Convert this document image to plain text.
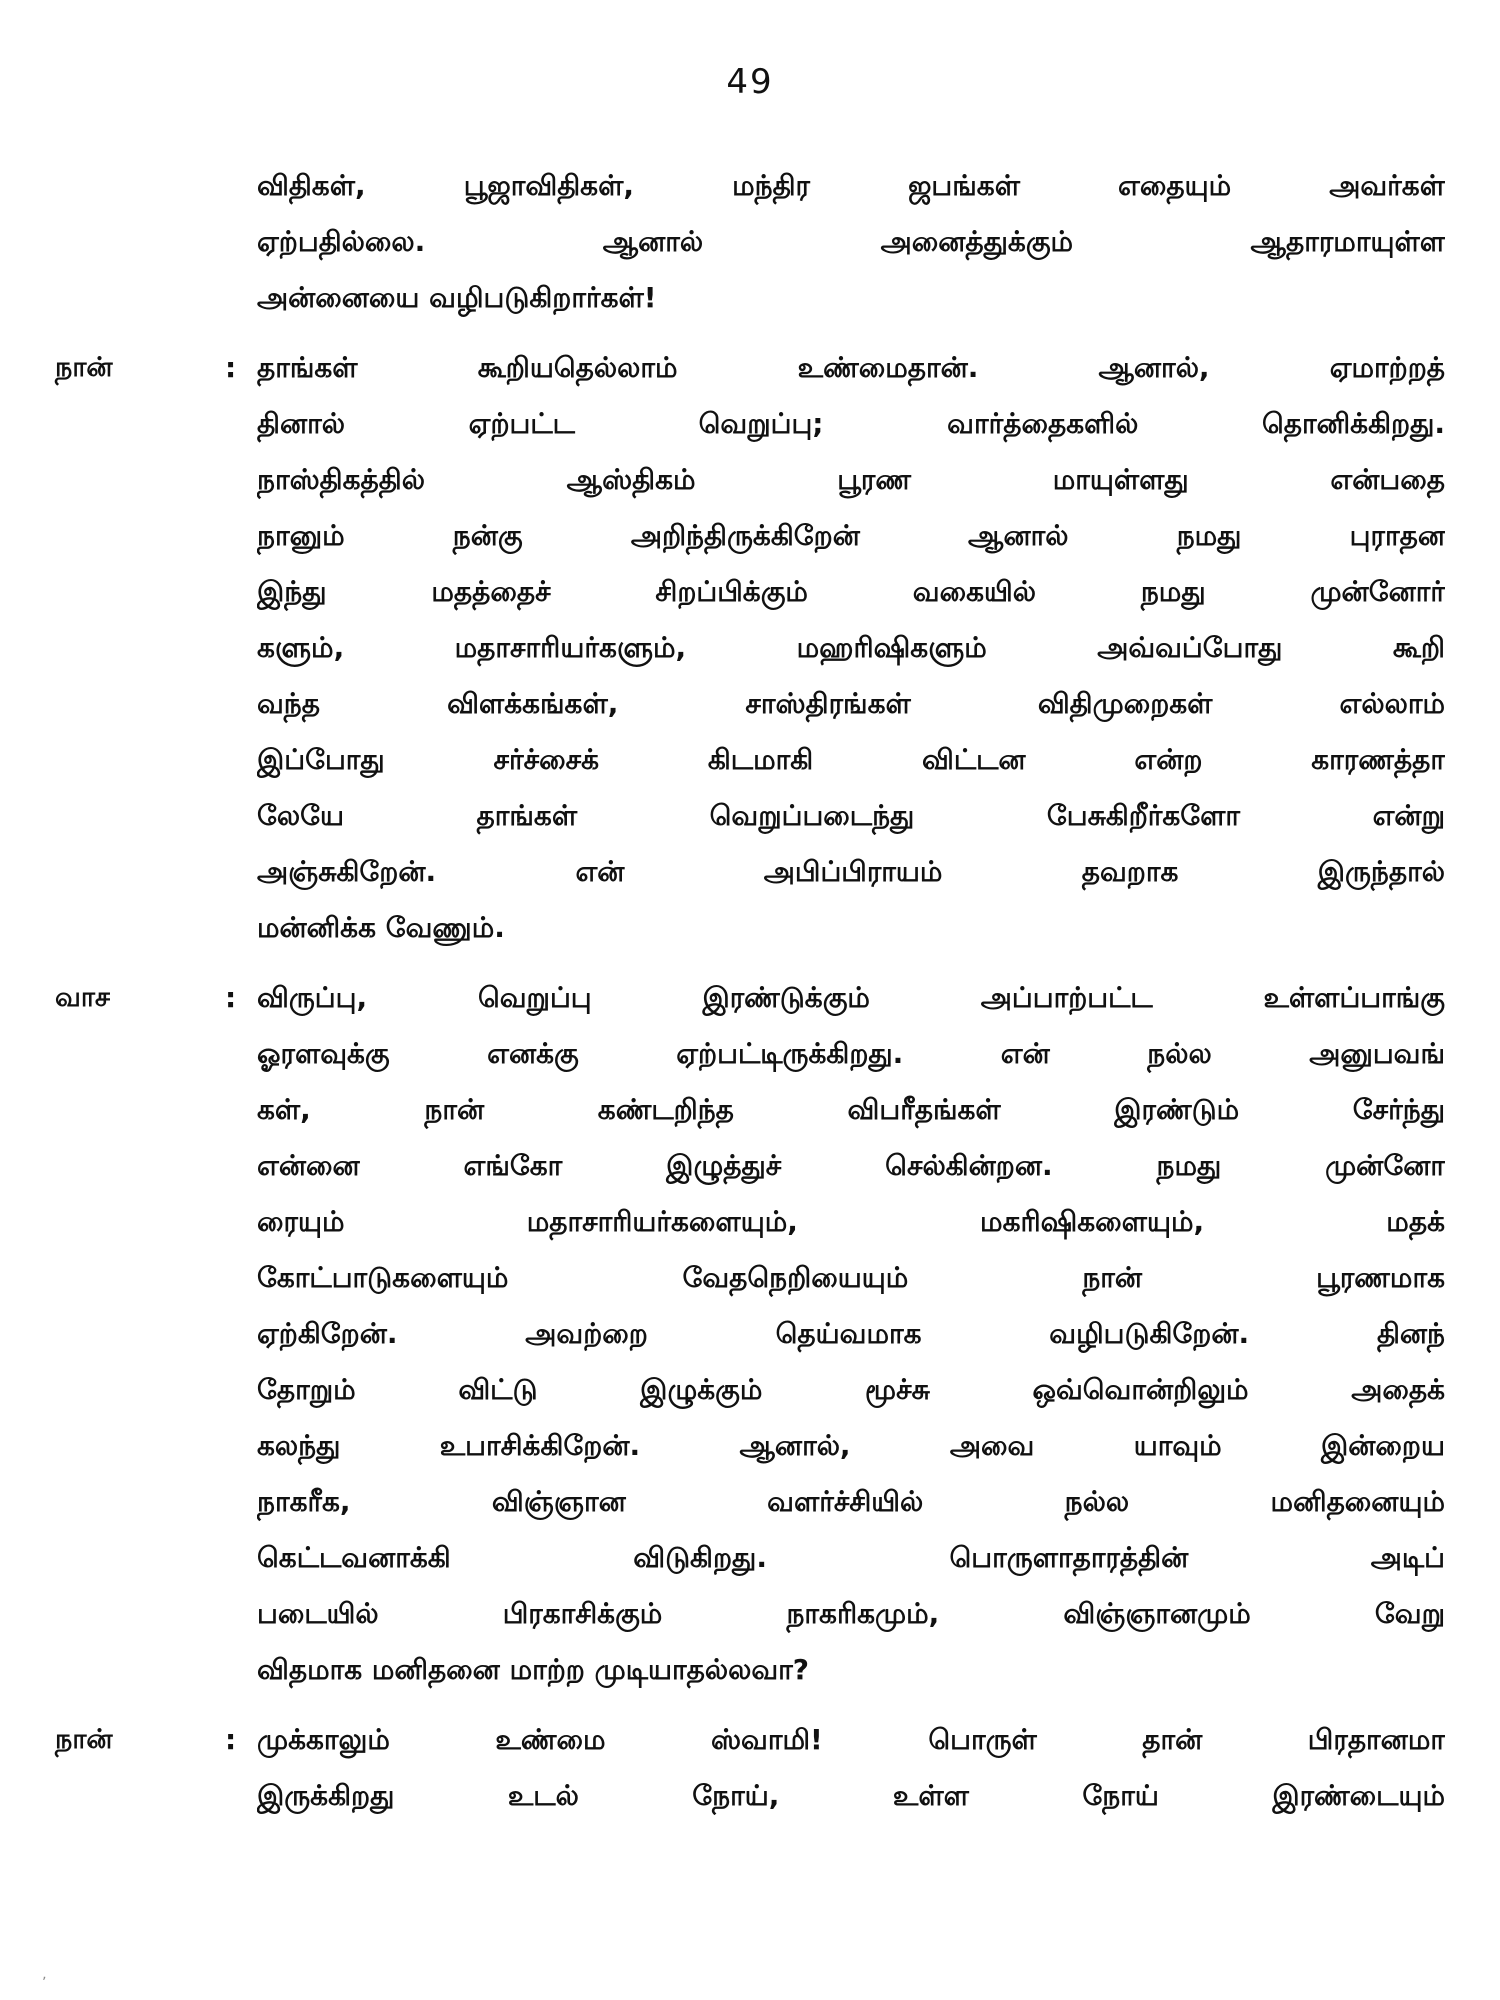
49
விதிகள், பூஜாவிதிகள், மந்திர ஜபங்கள் எதையும் அவர்கள்
ஏற்பதில்லை. ஆனால் அனைத்துக்கும் ஆதாரமாயுள்ள
அன்னையை வழிபடுகிறார்கள்!
நான்	: தாங்கள் கூறியதெல்லாம் உண்மைதான். ஆனால், ஏமாற்றத்
தினால் ஏற்பட்ட வெறுப்பு; வார்த்தைகளில் தொனிக்கிறது.
நாஸ்திகத்தில் ஆஸ்திகம் பூரண மாயுள்ளது என்பதை
நானும் நன்கு அறிந்திருக்கிறேன் ஆனால் நமது புராதன
இந்து மதத்தைச் சிறப்பிக்கும் வகையில் நமது முன்னோர்
களும், மதாசாரியர்களும், மஹரிஷிகளும் அவ்வப்போது கூறி
வந்த விளக்கங்கள், சாஸ்திரங்கள் விதிமுறைகள் எல்லாம்
இப்போது சர்ச்சைக் கிடமாகி விட்டன என்ற காரணத்தா
லேயே தாங்கள் வெறுப்படைந்து பேசுகிறீர்களோ என்று
அஞ்சுகிறேன். என் அபிப்பிராயம் தவறாக இருந்தால்
மன்னிக்க வேணும்.
வாச	: விருப்பு, வெறுப்பு இரண்டுக்கும் அப்பாற்பட்ட உள்ளப்பாங்கு
ஓரளவுக்கு எனக்கு ஏற்பட்டிருக்கிறது. என் நல்ல அனுபவங்
கள், நான் கண்டறிந்த விபரீதங்கள் இரண்டும் சேர்ந்து
என்னை எங்கோ இழுத்துச் செல்கின்றன. நமது முன்னோ
ரையும் மதாசாரியர்களையும், மகரிஷிகளையும், மதக்
கோட்பாடுகளையும் வேதநெறியையும் நான் பூரணமாக
ஏற்கிறேன். அவற்றை தெய்வமாக வழிபடுகிறேன். தினந்
தோறும் விட்டு இழுக்கும் மூச்சு ஒவ்வொன்றிலும் அதைக்
கலந்து உபாசிக்கிறேன். ஆனால், அவை யாவும் இன்றைய
நாகரீக, விஞ்ஞான வளர்ச்சியில் நல்ல மனிதனையும்
கெட்டவனாக்கி விடுகிறது. பொருளாதாரத்தின் அடிப்
படையில் பிரகாசிக்கும் நாகரிகமும், விஞ்ஞானமும் வேறு
விதமாக மனிதனை மாற்ற முடியாதல்லவா?
நான்	: முக்காலும் உண்மை ஸ்வாமி! பொருள் தான் பிரதானமா
இருக்கிறது உடல் நோய், உள்ள நோய் இரண்டையும்
ʼ
